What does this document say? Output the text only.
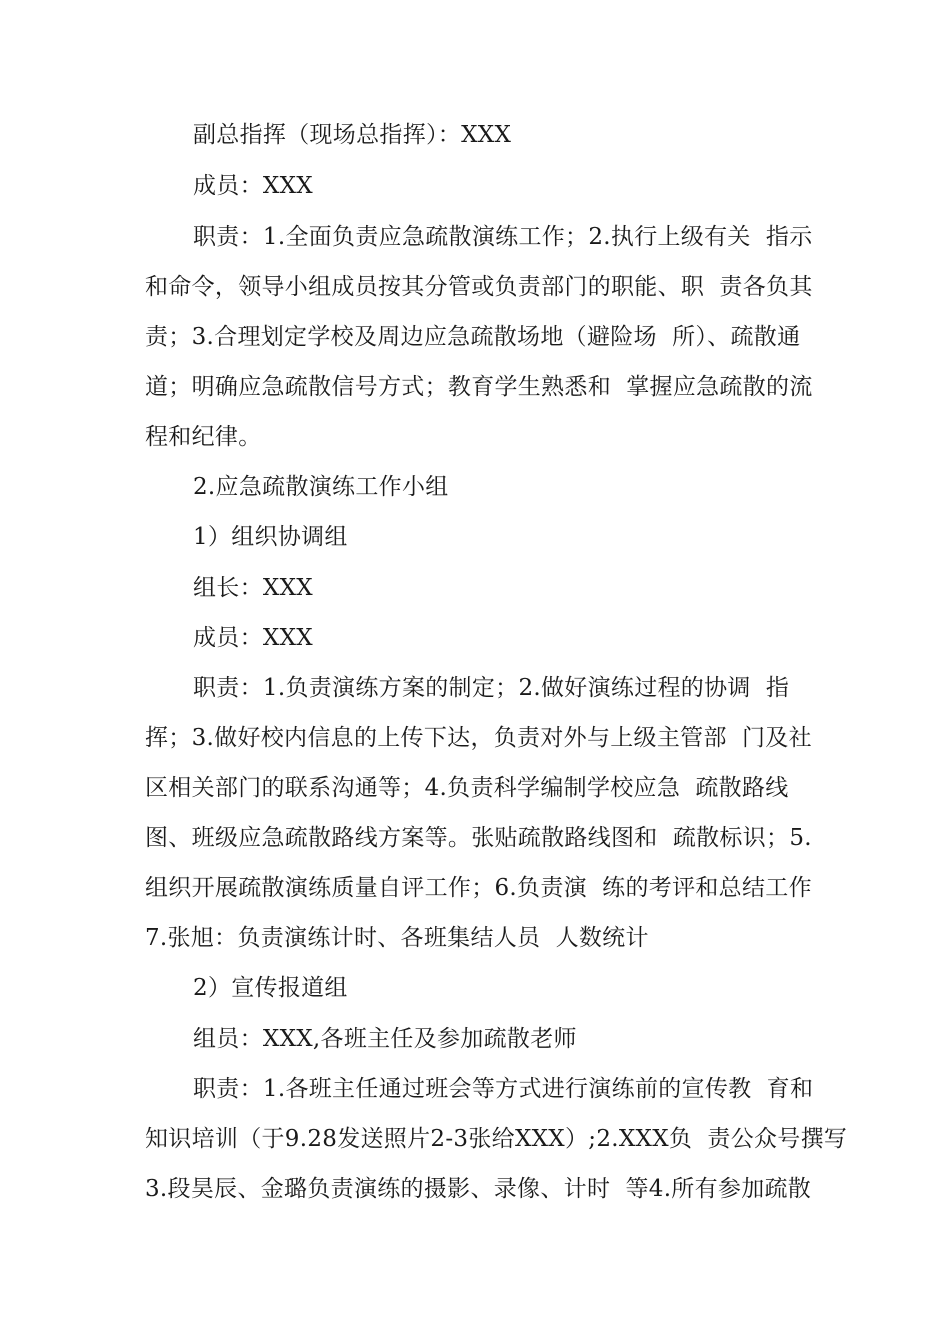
副总指挥（现场总指挥）：XXX
成员：XXX
职责：1.全面负责应急疏散演练工作；2.执行上级有关  指示
和命令，领导小组成员按其分管或负责部门的职能、职  责各负其
责；3.合理划定学校及周边应急疏散场地（避险场  所）、疏散通
道；明确应急疏散信号方式；教育学生熟悉和  掌握应急疏散的流
程和纪律。
2.应急疏散演练工作小组
1）组织协调组
组长：XXX
成员：XXX
职责：1.负责演练方案的制定；2.做好演练过程的协调  指
挥；3.做好校内信息的上传下达，负责对外与上级主管部  门及社
区相关部门的联系沟通等；4.负责科学编制学校应急  疏散路线
图、班级应急疏散路线方案等。张贴疏散路线图和  疏散标识；5.
组织开展疏散演练质量自评工作；6.负责演  练的考评和总结工作
7.张旭：负责演练计时、各班集结人员  人数统计
2）宣传报道组
组员：XXX,各班主任及参加疏散老师
职责：1.各班主任通过班会等方式进行演练前的宣传教  育和
知识培训（于9.28发送照片2-3张给XXX）;2.XXX负  责公众号撰写
3.段昊辰、金璐负责演练的摄影、录像、计时  等4.所有参加疏散
